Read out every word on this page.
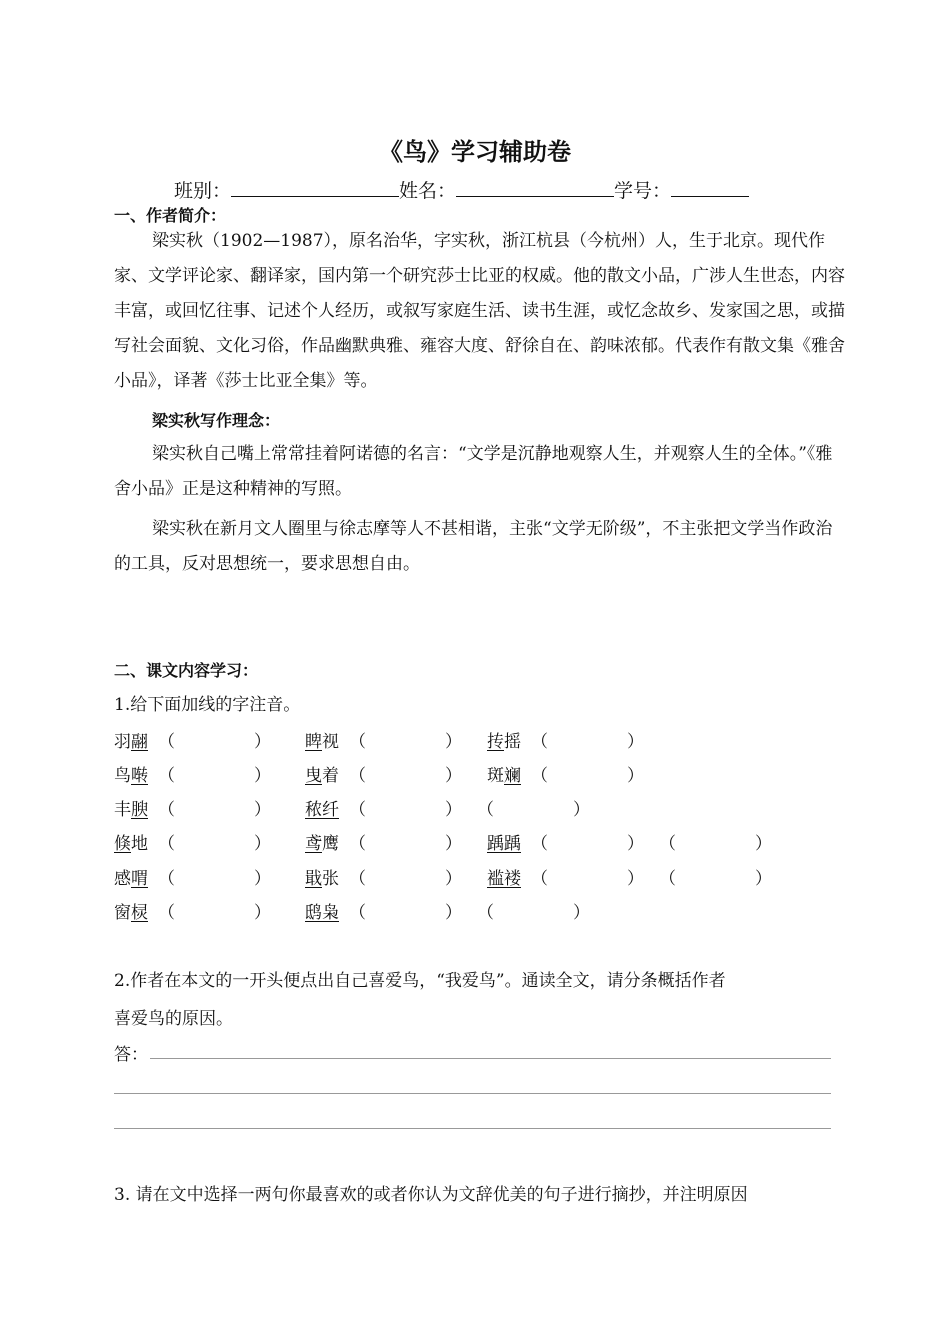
《鸟》学习辅助卷
班别：	姓名：	学号：
一、作者简介：
梁实秋（1902—1987），原名治华，字实秋，浙江杭县（今杭州）人，生于北京。现代作家、文学评论家、翻译家，国内第一个研究莎士比亚的权威。他的散文小品，广涉人生世态，内容丰富，或回忆往事、记述个人经历，或叙写家庭生活、读书生涯，或忆念故乡、发家国之思，或描写社会面貌、文化习俗，作品幽默典雅、雍容大度、舒徐自在、韵味浓郁。代表作有散文集《雅舍小品》，译著《莎士比亚全集》等。
梁实秋写作理念：
梁实秋自己嘴上常常挂着阿诺德的名言：“文学是沉静地观察人生，并观察人生的全体。”《雅舍小品》正是这种精神的写照。
梁实秋在新月文人圈里与徐志摩等人不甚相谐，主张“文学无阶级”，不主张把文学当作政治的工具，反对思想统一，要求思想自由。
二、课文内容学习：
1.给下面加线的字注音。
羽翮 （	） 睥视 （	） 抟摇 （	）
鸟啭 （	） 曳着 （	） 斑斓 （	）
丰腴 （	） 秾纤 （	） （	）
倏地 （	） 鸢鹰 （	） 踽踽 （	） （	）
感喟 （	） 戢张 （	） 褴褛 （	） （	）
窗棂 （	） 鸱枭 （	） （	）
2.作者在本文的一开头便点出自己喜爱鸟，“我爱鸟”。通读全文，请分条概括作者
喜爱鸟的原因。
答：
3. 请在文中选择一两句你最喜欢的或者你认为文辞优美的句子进行摘抄，并注明原因
